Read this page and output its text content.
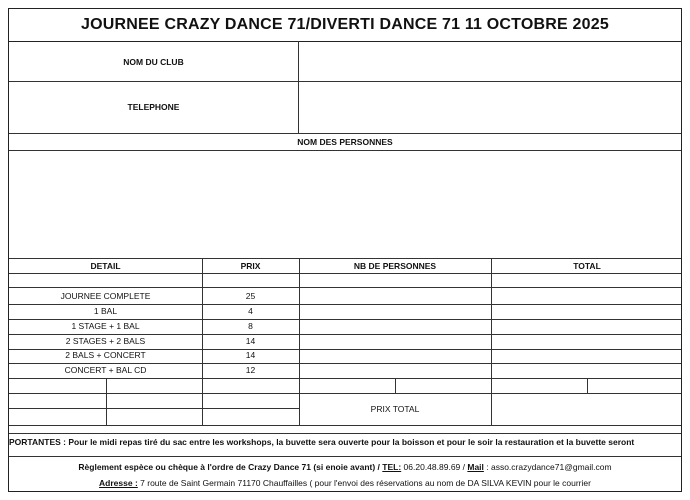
JOURNEE CRAZY DANCE 71/DIVERTI DANCE 71 11 OCTOBRE 2025
NOM DU CLUB
TELEPHONE
NOM DES PERSONNES
DETAIL	PRIX	NB DE PERSONNES	TOTAL
JOURNEE COMPLETE	25
1 BAL	4
1 STAGE + 1 BAL	8
2 STAGES + 2 BALS	14
2 BALS + CONCERT	14
CONCERT + BAL CD	12
PRIX TOTAL
PORTANTES : Pour le midi repas tiré du sac entre les workshops, la buvette sera ouverte pour la boisson et pour le soir la restauration et la buvette seront
Règlement espèce ou chèque à l'ordre de Crazy Dance 71 (si enoie avant) / TEL: 06.20.48.89.69 / Mail : asso.crazydance71@gmail.com
Adresse : 7 route de Saint Germain 71170 Chauffailles ( pour l'envoi des réservations au nom de DA SILVA KEVIN pour le courrier
